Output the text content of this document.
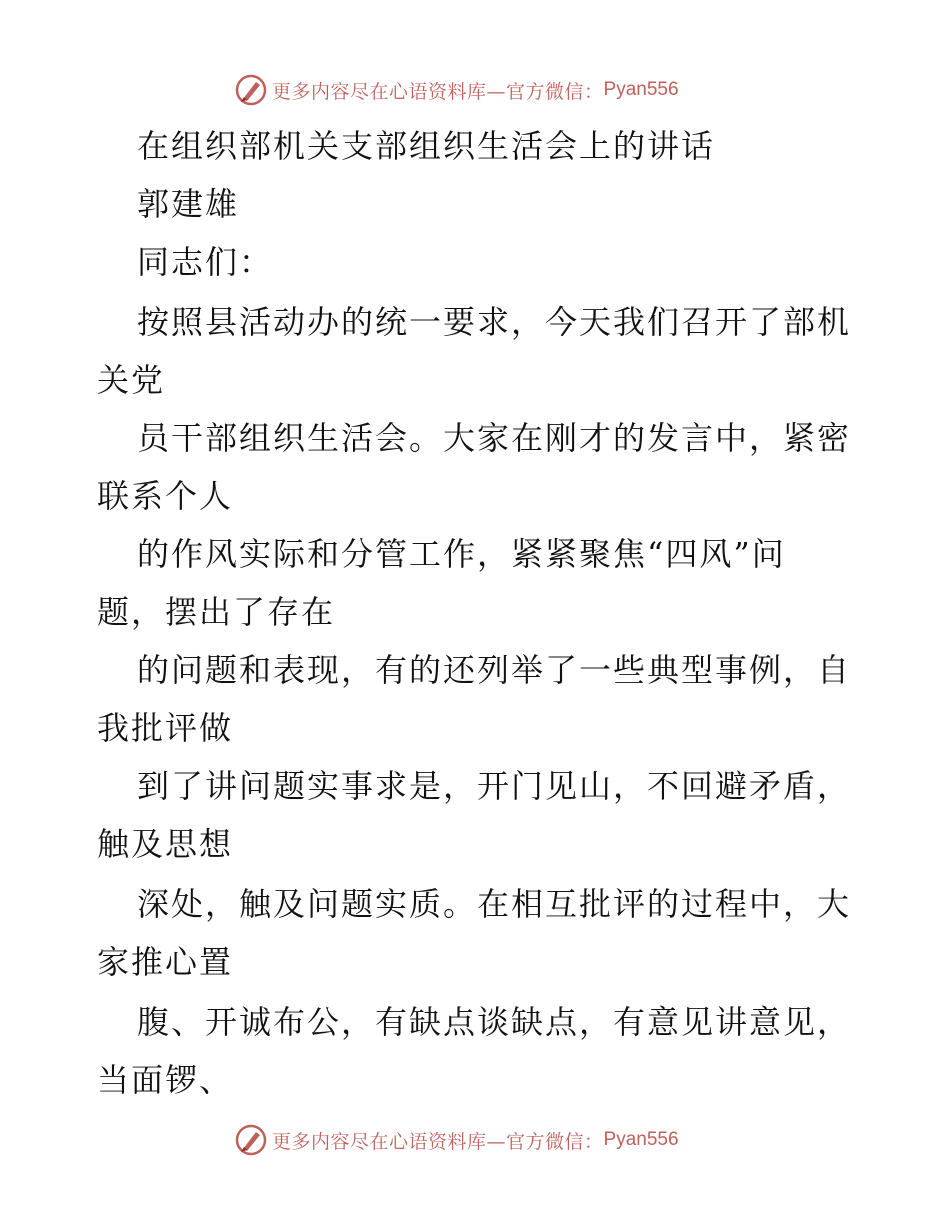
更多内容尽在心语资料库—官方微信： Pyan556
在组织部机关支部组织生活会上的讲话
郭建雄
同志们：
按照县活动办的统一要求，今天我们召开了部机
关党
员干部组织生活会。大家在刚才的发言中，紧密
联系个人
的作风实际和分管工作，紧紧聚焦“四风”问
题，摆出了存在
的问题和表现，有的还列举了一些典型事例，自
我批评做
到了讲问题实事求是，开门见山，不回避矛盾，
触及思想
深处，触及问题实质。在相互批评的过程中，大
家推心置
腹、开诚布公，有缺点谈缺点，有意见讲意见，
当面锣、
更多内容尽在心语资料库—官方微信： Pyan556
